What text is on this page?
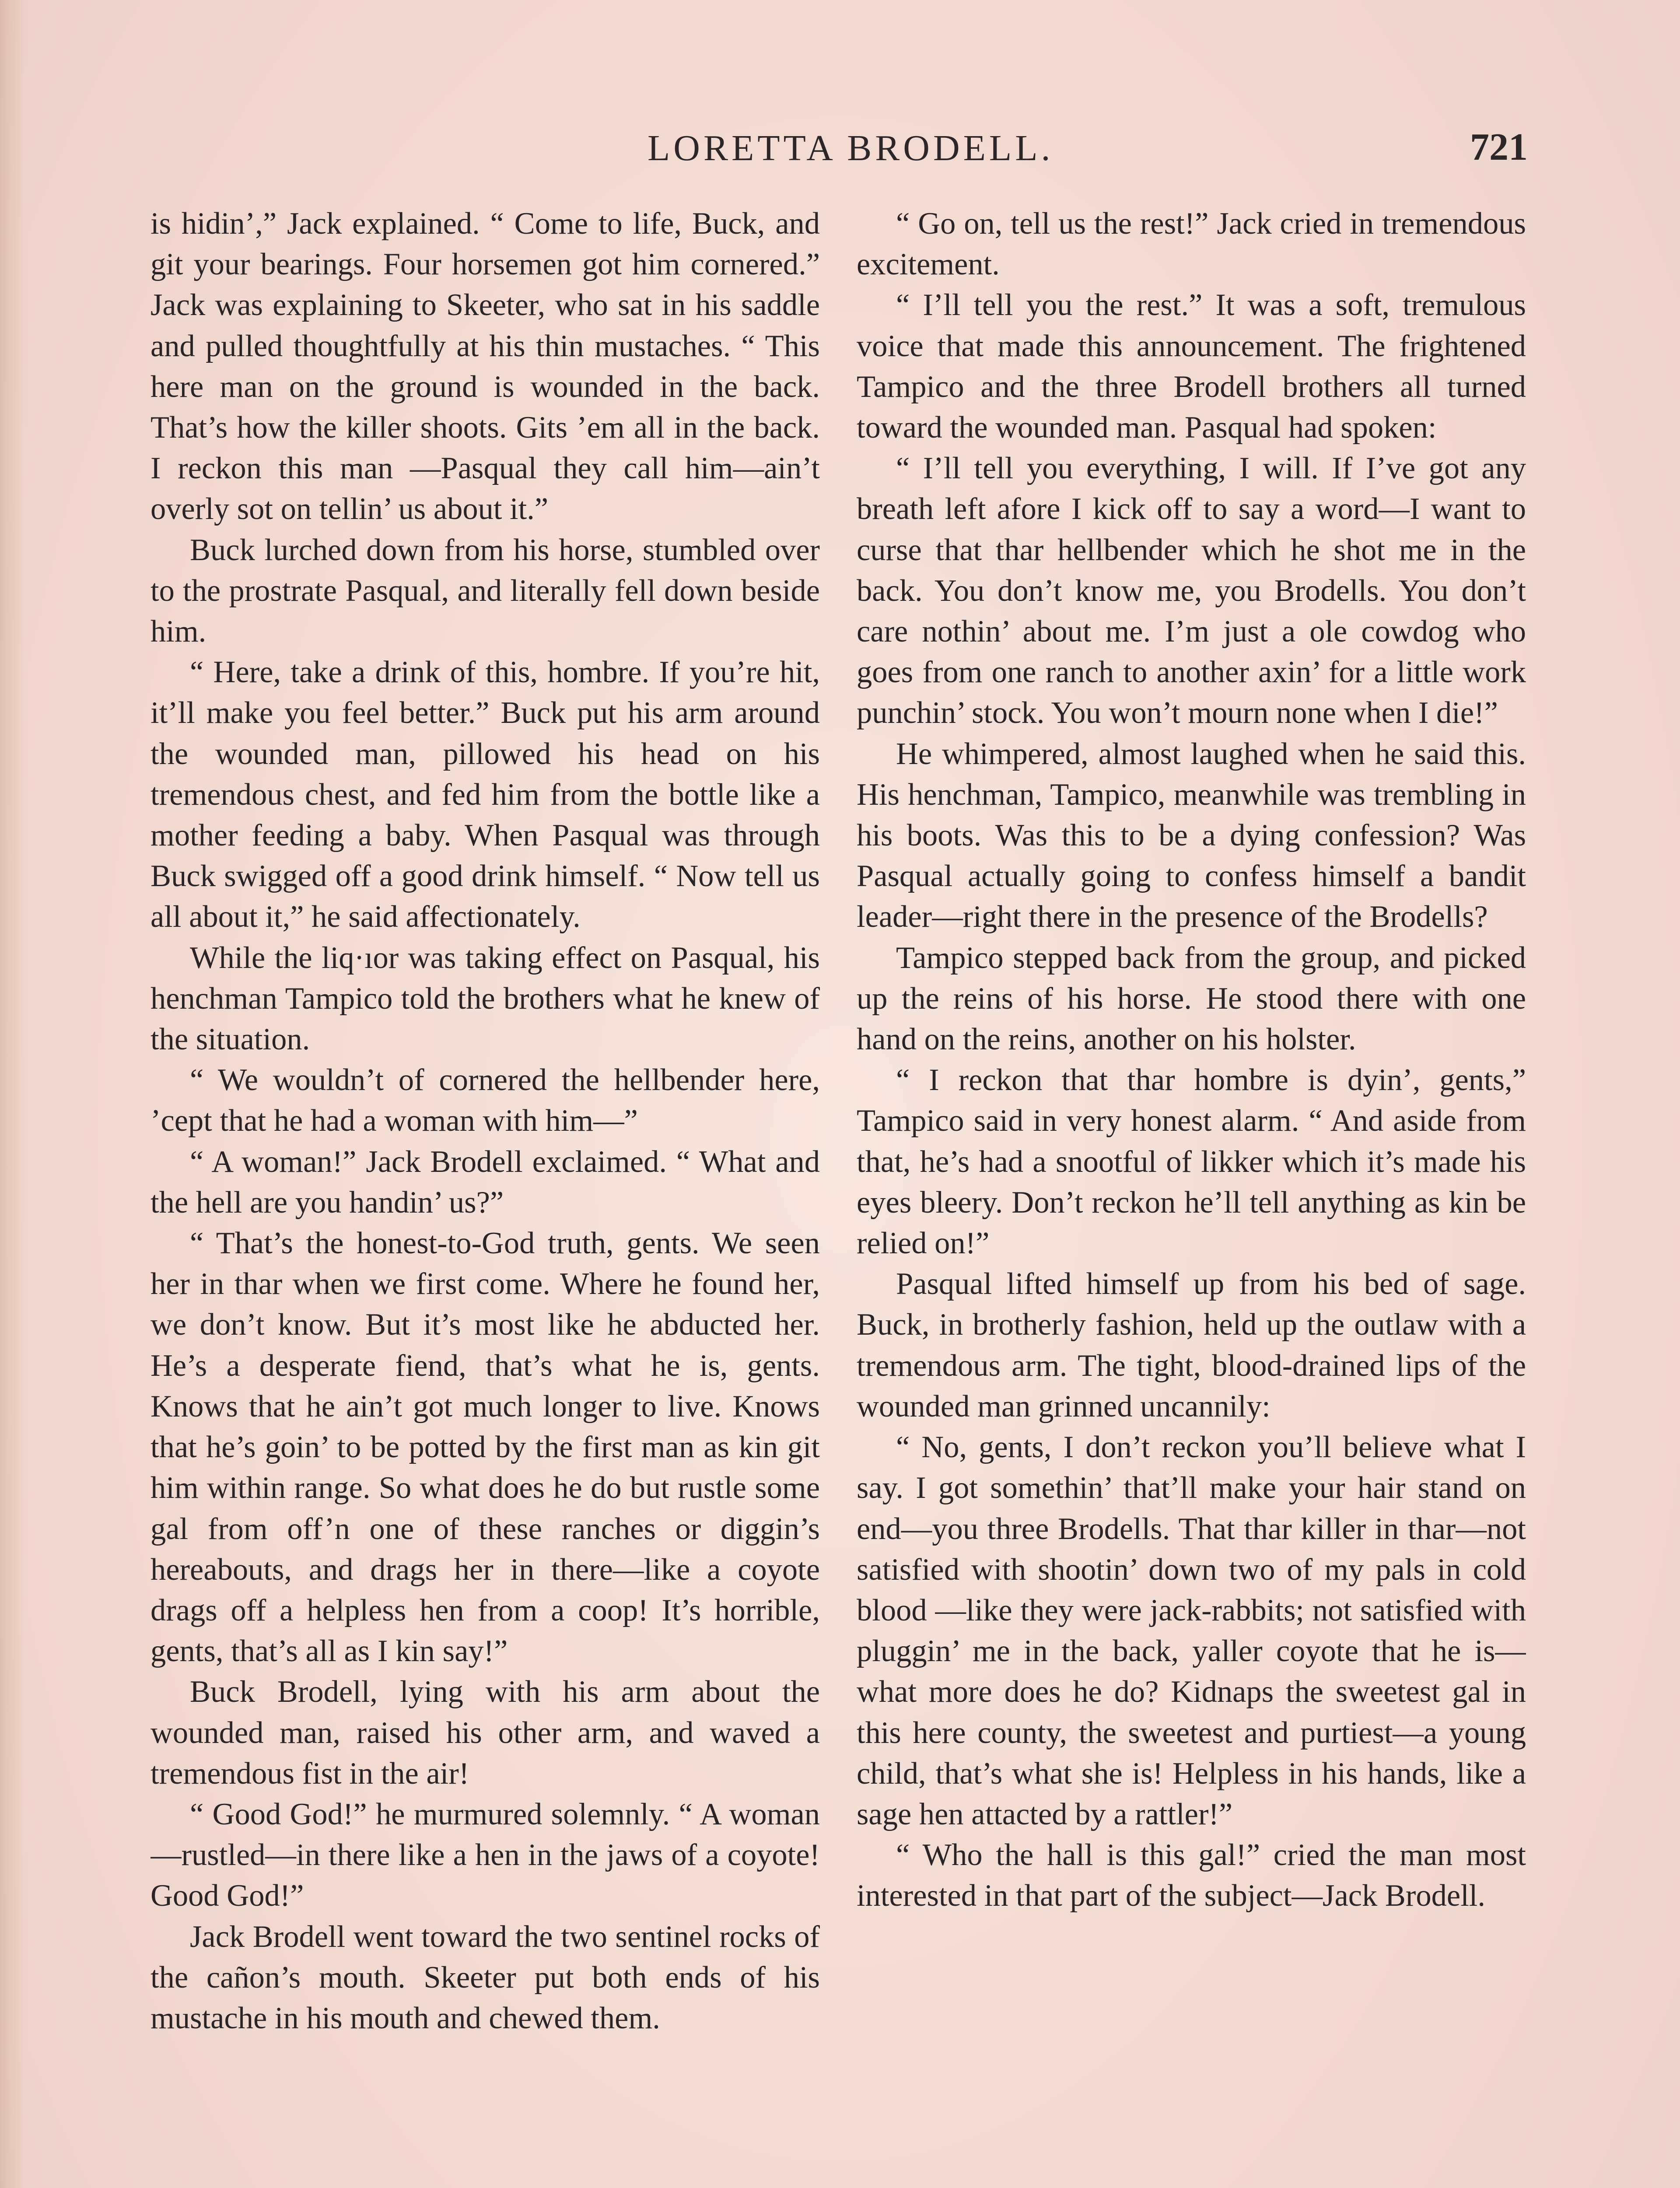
LORETTA BRODELL.	721

is hidin’,” Jack explained. “ Come to life, Buck, and git your bearings. Four horsemen got him cornered.” Jack was explaining to Skeeter, who sat in his saddle and pulled thoughtfully at his thin mustaches. “ This here man on the ground is wounded in the back. That’s how the killer shoots. Gits ’em all in the back. I reckon this man —Pasqual they call him—ain’t overly sot on tellin’ us about it.”

Buck lurched down from his horse, stumbled over to the prostrate Pasqual, and literally fell down beside him.

“ Here, take a drink of this, hombre. If you’re hit, it’ll make you feel better.” Buck put his arm around the wounded man, pillowed his head on his tremendous chest, and fed him from the bottle like a mother feeding a baby. When Pasqual was through Buck swigged off a good drink himself. “ Now tell us all about it,” he said affectionately.

While the liq·ıor was taking effect on Pasqual, his henchman Tampico told the brothers what he knew of the situation.

“ We wouldn’t of cornered the hellbender here, ’cept that he had a woman with him—”

“ A woman!” Jack Brodell exclaimed. “ What and the hell are you handin’ us?”

“ That’s the honest-to-God truth, gents. We seen her in thar when we first come. Where he found her, we don’t know. But it’s most like he abducted her. He’s a desperate fiend, that’s what he is, gents. Knows that he ain’t got much longer to live. Knows that he’s goin’ to be potted by the first man as kin git him within range. So what does he do but rustle some gal from off’n one of these ranches or diggin’s hereabouts, and drags her in there—like a coyote drags off a helpless hen from a coop! It’s horrible, gents, that’s all as I kin say!”

Buck Brodell, lying with his arm about the wounded man, raised his other arm, and waved a tremendous fist in the air!

“ Good God!” he murmured solemnly. “ A woman—rustled—in there like a hen in the jaws of a coyote! Good God!”

Jack Brodell went toward the two sentinel rocks of the cañon’s mouth. Skeeter put both ends of his mustache in his mouth and chewed them.

“ Go on, tell us the rest!” Jack cried in tremendous excitement.

“ I’ll tell you the rest.” It was a soft, tremulous voice that made this announcement. The frightened Tampico and the three Brodell brothers all turned toward the wounded man. Pasqual had spoken:

“ I’ll tell you everything, I will. If I’ve got any breath left afore I kick off to say a word—I want to curse that thar hellbender which he shot me in the back. You don’t know me, you Brodells. You don’t care nothin’ about me. I’m just a ole cowdog who goes from one ranch to another axin’ for a little work punchin’ stock. You won’t mourn none when I die!”

He whimpered, almost laughed when he said this. His henchman, Tampico, meanwhile was trembling in his boots. Was this to be a dying confession? Was Pasqual actually going to confess himself a bandit leader—right there in the presence of the Brodells?

Tampico stepped back from the group, and picked up the reins of his horse. He stood there with one hand on the reins, another on his holster.

“ I reckon that thar hombre is dyin’, gents,” Tampico said in very honest alarm. “ And aside from that, he’s had a snootful of likker which it’s made his eyes bleery. Don’t reckon he’ll tell anything as kin be relied on!”

Pasqual lifted himself up from his bed of sage. Buck, in brotherly fashion, held up the outlaw with a tremendous arm. The tight, blood-drained lips of the wounded man grinned uncannily:

“ No, gents, I don’t reckon you’ll believe what I say. I got somethin’ that’ll make your hair stand on end—you three Brodells. That thar killer in thar—not satisfied with shootin’ down two of my pals in cold blood —like they were jack-rabbits; not satisfied with pluggin’ me in the back, yaller coyote that he is—what more does he do? Kidnaps the sweetest gal in this here county, the sweetest and purtiest—a young child, that’s what she is! Helpless in his hands, like a sage hen attacted by a rattler!”

“ Who the hall is this gal!” cried the man most interested in that part of the subject—Jack Brodell.
